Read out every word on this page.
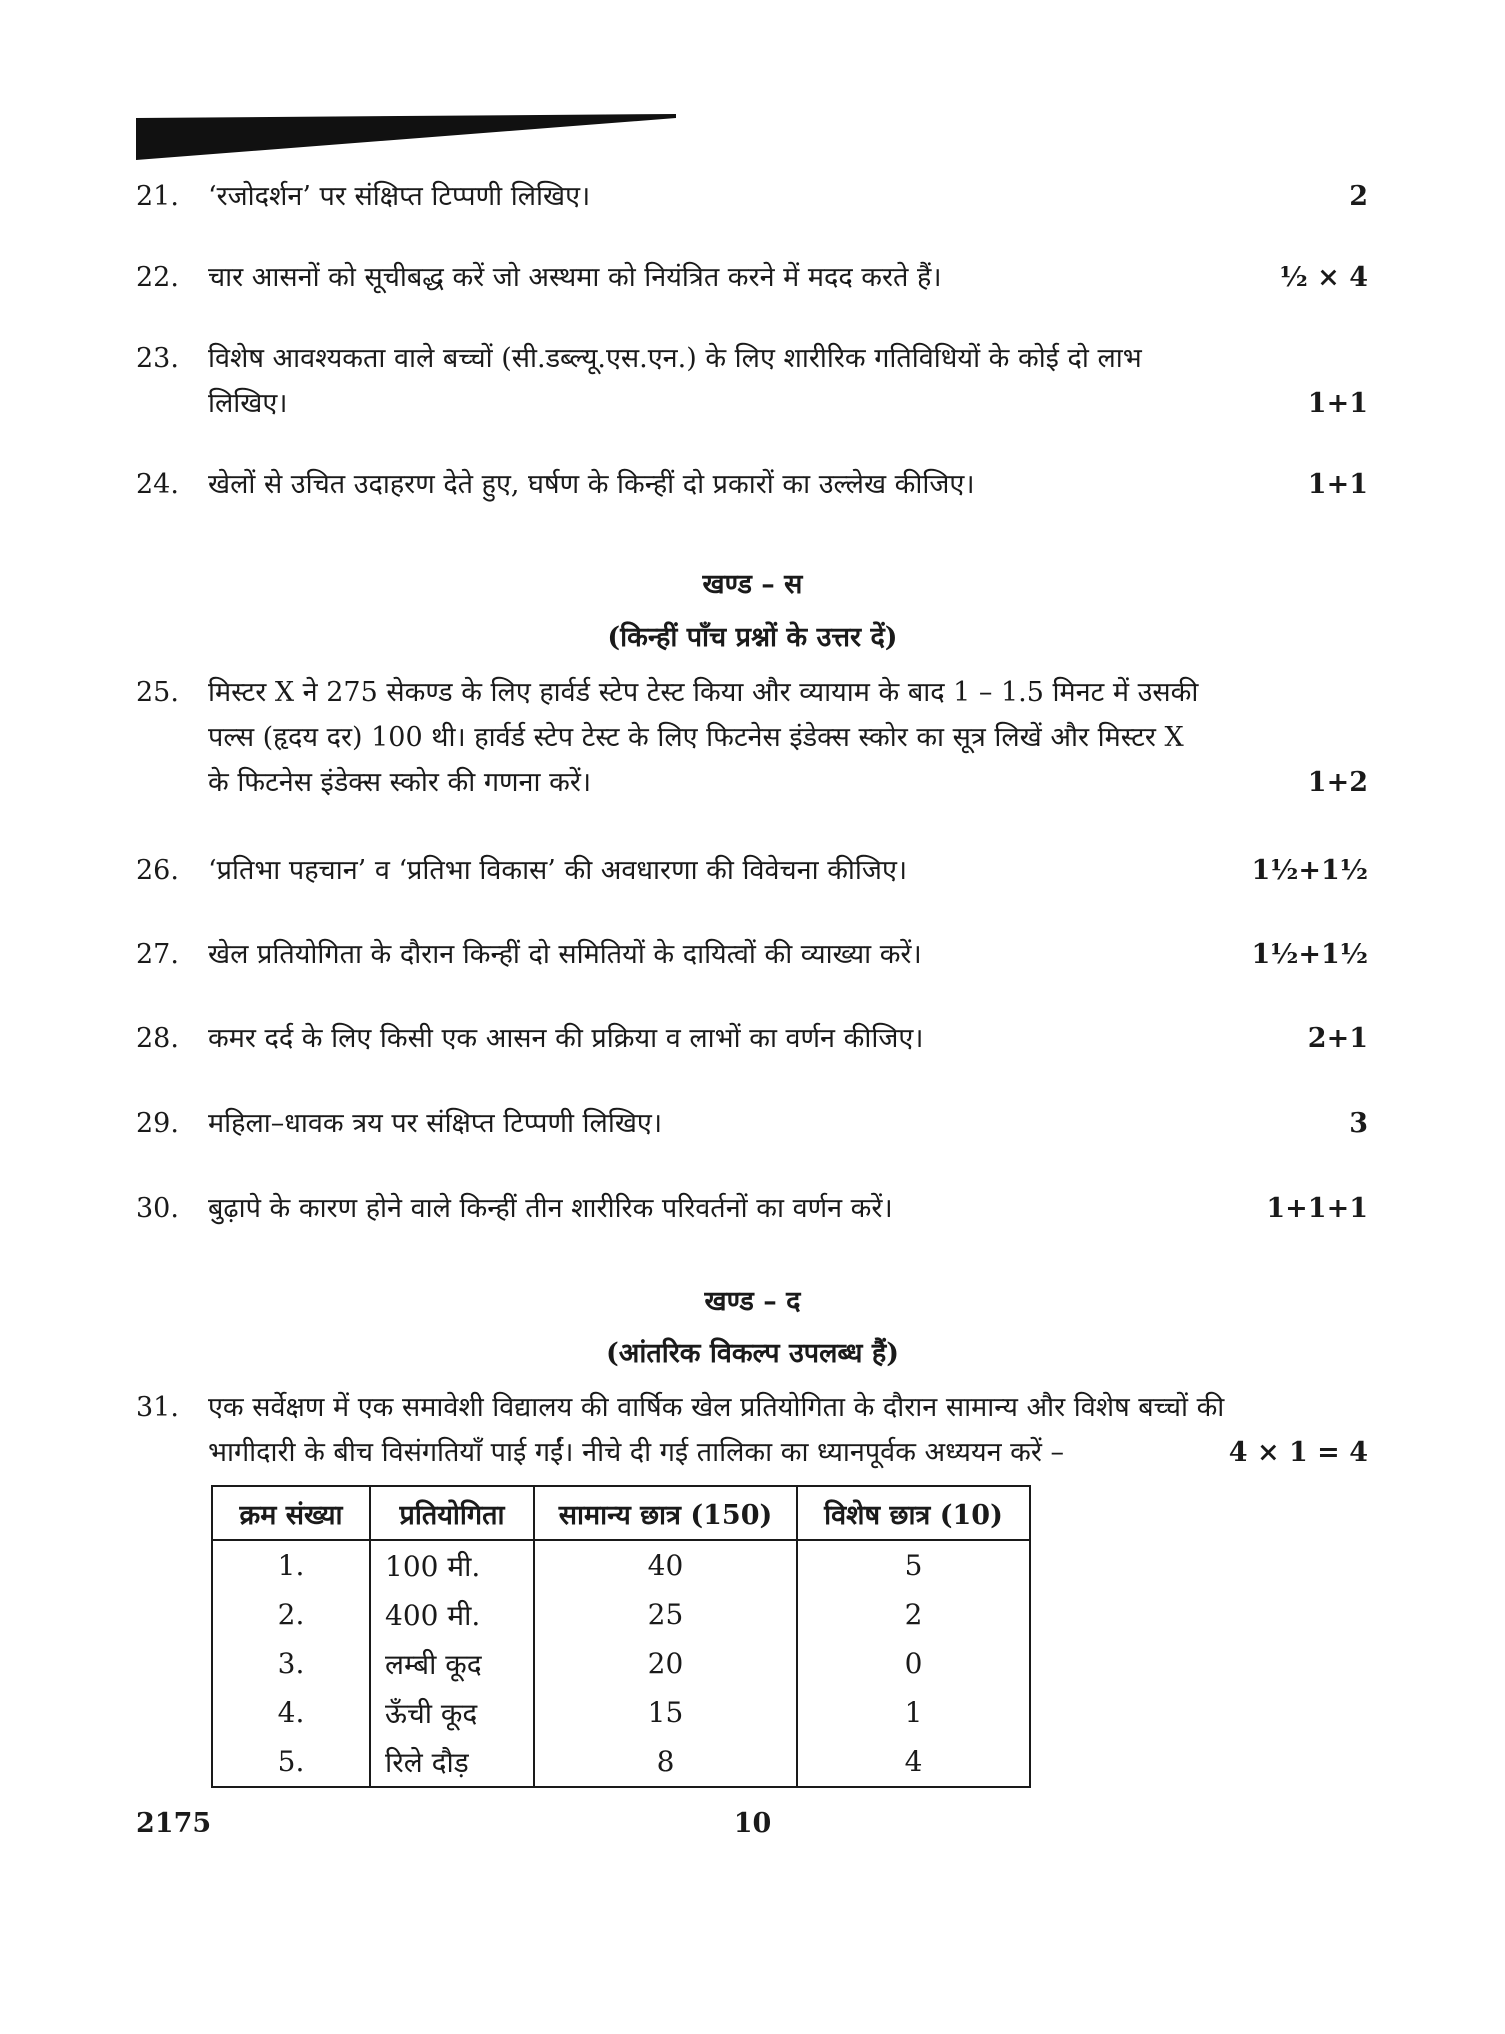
21.	‘रजोदर्शन’ पर संक्षिप्त टिप्पणी लिखिए।	2
22.	चार आसनों को सूचीबद्ध करें जो अस्थमा को नियंत्रित करने में मदद करते हैं।	½ × 4
23.	विशेष आवश्यकता वाले बच्चों (सी.डब्ल्यू.एस.एन.) के लिए शारीरिक गतिविधियों के कोई दो लाभ
लिखिए।	1+1
24.	खेलों से उचित उदाहरण देते हुए, घर्षण के किन्हीं दो प्रकारों का उल्लेख कीजिए।	1+1
खण्ड – स
(किन्हीं पाँच प्रश्नों के उत्तर दें)
25.	मिस्टर X ने 275 सेकण्ड के लिए हार्वर्ड स्टेप टेस्ट किया और व्यायाम के बाद 1 – 1.5 मिनट में उसकी
पल्स (हृदय दर) 100 थी। हार्वर्ड स्टेप टेस्ट के लिए फिटनेस इंडेक्स स्कोर का सूत्र लिखें और मिस्टर X
के फिटनेस इंडेक्स स्कोर की गणना करें।	1+2
26.	‘प्रतिभा पहचान’ व ‘प्रतिभा विकास’ की अवधारणा की विवेचना कीजिए।	1½+1½
27.	खेल प्रतियोगिता के दौरान किन्हीं दो समितियों के दायित्वों की व्याख्या करें।	1½+1½
28.	कमर दर्द के लिए किसी एक आसन की प्रक्रिया व लाभों का वर्णन कीजिए।	2+1
29.	महिला–धावक त्रय पर संक्षिप्त टिप्पणी लिखिए।	3
30.	बुढ़ापे के कारण होने वाले किन्हीं तीन शारीरिक परिवर्तनों का वर्णन करें।	1+1+1
खण्ड – द
(आंतरिक विकल्प उपलब्ध हैं)
31.	एक सर्वेक्षण में एक समावेशी विद्यालय की वार्षिक खेल प्रतियोगिता के दौरान सामान्य और विशेष बच्चों की
भागीदारी के बीच विसंगतियाँ पाई गईं। नीचे दी गई तालिका का ध्यानपूर्वक अध्ययन करें –	4 × 1 = 4
क्रम संख्या	प्रतियोगिता	सामान्य छात्र (150)	विशेष छात्र (10)
1.	100 मी.	40	5
2.	400 मी.	25	2
3.	लम्बी कूद	20	0
4.	ऊँची कूद	15	1
5.	रिले दौड़	8	4
2175	10
